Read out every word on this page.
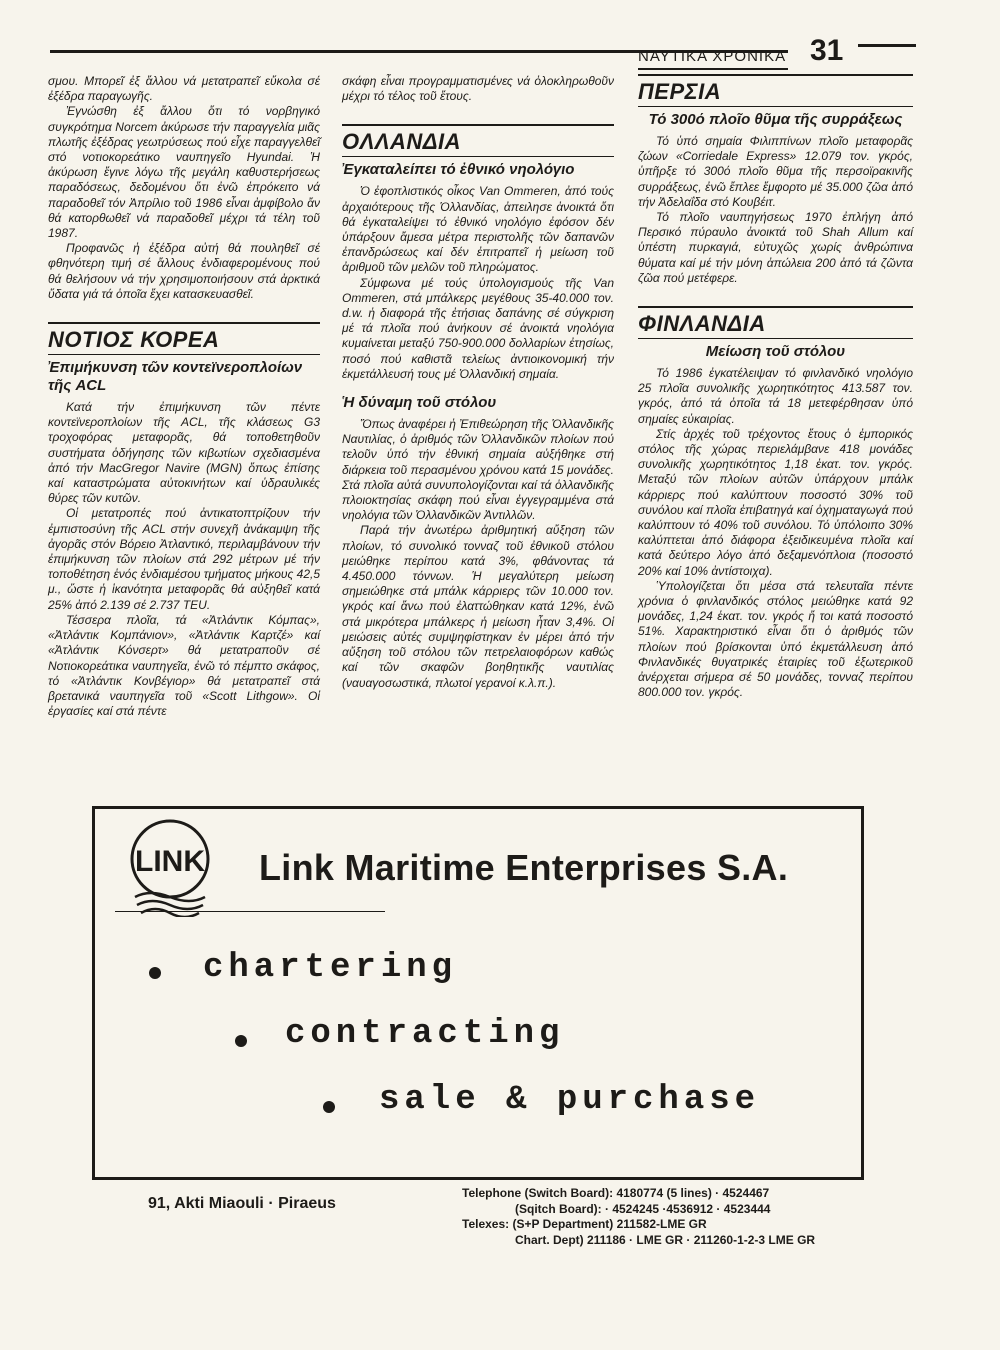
ΝΑΥΤΙΚΑ ΧΡΟΝΙΚΑ 31

σμου. Μπορεῖ ἐξ ἄλλου νά μετατραπεῖ εὔκολα σέ ἐξέδρα παραγωγῆς.

Ἐγνώσθη ἐξ ἄλλου ὅτι τό νορβηγικό συγκρότημα Norcem ἀκύρωσε τήν παραγγελία μιᾶς πλωτῆς ἐξέδρας γεωτρύσεως πού εἶχε παραγγελθεῖ στό νοτιοκορεάτικο ναυπηγεῖο Hyundai. Ἡ ἀκύρωση ἔγινε λόγω τῆς μεγάλη καθυστερήσεως παραδόσεως, δεδομένου ὅτι ἐνῶ ἐπρόκειτο νά παραδοθεῖ τόν Ἀπρίλιο τοῦ 1986 εἶναι ἀμφίβολο ἄν θά κατορθωθεῖ νά παραδοθεῖ μέχρι τά τέλη τοῦ 1987.

Προφανῶς ἡ ἐξέδρα αὐτή θά πουληθεῖ σέ φθηνότερη τιμή σέ ἄλλους ἐνδιαφερομένους πού θά θελήσουν νά τήν χρησιμοποιήσουν στά ἀρκτικά ὕδατα γιά τά ὁποῖα ἔχει κατασκευασθεῖ.

ΝΟΤΙΟΣ ΚΟΡΕΑ
Ἐπιμήκυνση τῶν κοντεϊνεροπλοίων τῆς ACL

Κατά τήν ἐπιμήκυνση τῶν πέντε κοντεϊνεροπλοίων τῆς ACL, τῆς κλάσεως G3 τροχοφόρας μεταφορᾶς, θά τοποθετηθοῦν συστήματα ὁδήγησης τῶν κιβωτίων σχεδιασμένα ἀπό τήν MacGregor Navire (MGN) ὅπως ἐπίσης καί καταστρώματα αὐτοκινήτων καί ὑδραυλικές θύρες τῶν κυτῶν.

Οἱ μετατροπές πού ἀντικατοπτρίζουν τήν ἐμπιστοσύνη τῆς ACL στήν συνεχῆ ἀνάκαμψη τῆς ἀγορᾶς στόν Βόρειο Ἀτλαντικό, περιλαμβάνουν τήν ἐπιμήκυνση τῶν πλοίων στά 292 μέτρων μέ τήν τοποθέτηση ἑνός ἐνδιαμέσου τμήματος μήκους 42,5 μ., ὥστε ἡ ἱκανότητα μεταφορᾶς θά αὐξηθεῖ κατά 25% ἀπό 2.139 σέ 2.737 TEU.

Τέσσερα πλοῖα, τά «Ἀτλάντικ Κόμπας», «Ἀτλάντικ Κομπάνιον», «Ἀτλάντικ Καρτζέ» καί «Ἀτλάντικ Κόνσερτ» θά μετατραποῦν σέ Νοτιοκορεάτικα ναυπηγεῖα, ἐνῶ τό πέμπτο σκάφος, τό «Ἀτλάντικ Κονβέγιορ» θά μετατραπεῖ στά βρετανικά ναυπηγεῖα τοῦ «Scott Lithgow». Οἱ ἐργασίες καί στά πέντε

σκάφη εἶναι προγραμματισμένες νά ὁλοκληρωθοῦν μέχρι τό τέλος τοῦ ἔτους.

ΟΛΛΑΝΔΙΑ
Ἐγκαταλείπει τό ἐθνικό νηολόγιο

Ὁ ἐφοπλιστικός οἶκος Van Ommeren, ἀπό τούς ἀρχαιότερους τῆς Ὁλλανδίας, ἀπειλησε ἀνοικτά ὅτι θά ἐγκαταλείψει τό ἐθνικό νηολόγιο ἐφόσον δέν ὑπάρξουν ἄμεσα μέτρα περιστολῆς τῶν δαπανῶν ἐπανδρώσεως καί δέν ἐπιτραπεῖ ἡ μείωση τοῦ ἀριθμοῦ τῶν μελῶν τοῦ πληρώματος.

Σύμφωνα μέ τούς ὑπολογισμούς τῆς Van Ommeren, στά μπάλκερς μεγέθους 35-40.000 τον. d.w. ἡ διαφορά τῆς ἐτήσιας δαπάνης σέ σύγκριση μέ τά πλοῖα πού ἀνήκουν σέ ἀνοικτά νηολόγια κυμαίνεται μεταξύ 750-900.000 δολλαρίων ἐτησίως, ποσό πού καθιστᾶ τελείως ἀντιοικονομική τήν ἐκμετάλλευσή τους μέ Ὁλλανδική σημαία.

Ἡ δύναμη τοῦ στόλου

Ὅπως ἀναφέρει ἡ Ἐπιθεώρηση τῆς Ὁλλανδικῆς Ναυτιλίας, ὁ ἀριθμός τῶν Ὁλλανδικῶν πλοίων πού τελοῦν ὑπό τήν ἐθνική σημαία αὐξήθηκε στή διάρκεια τοῦ περασμένου χρόνου κατά 15 μονάδες. Στά πλοῖα αὐτά συνυπολογίζονται καί τά ὁλλανδικῆς πλοιοκτησίας σκάφη πού εἶναι ἐγγεγραμμένα στά νηολόγια τῶν Ὁλλανδικῶν Ἀντιλλῶν.

Παρά τήν ἀνωτέρω ἀριθμητική αὔξηση τῶν πλοίων, τό συνολικό τονναζ τοῦ ἐθνικοῦ στόλου μειώθηκε περίπου κατά 3%, φθάνοντας τά 4.450.000 τόννων. Ἡ μεγαλύτερη μείωση σημειώθηκε στά μπάλκ κάρριερς τῶν 10.000 τον. γκρός καί ἄνω πού ἐλαττώθηκαν κατά 12%, ἐνῶ στά μικρότερα μπάλκερς ἡ μείωση ἦταν 3,4%. Οἱ μειώσεις αὐτές συμψηφίστηκαν ἐν μέρει ἀπό τήν αὔξηση τοῦ στόλου τῶν πετρελαιοφόρων καθώς καί τῶν σκαφῶν βοηθητικῆς ναυτιλίας (ναυαγοσωστικά, πλωτοί γερανοί κ.λ.π.).

ΠΕΡΣΙΑ
Τό 300ό πλοῖο θῦμα τῆς συρράξεως

Τό ὑπό σημαία Φιλιππίνων πλοῖο μεταφορᾶς ζώων «Corriedale Express» 12.079 τον. γκρός, ὑπῆρξε τό 300ό πλοῖο θῦμα τῆς περσοϊρακινῆς συρράξεως, ἐνῶ ἔπλεε ἔμφορτο μέ 35.000 ζῶα ἀπό τήν Ἀδελαΐδα στό Κουβέιτ.

Τό πλοῖο ναυπηγήσεως 1970 ἐπλήγη ἀπό Περσικό πύραυλο ἀνοικτά τοῦ Shah Allum καί ὑπέστη πυρκαγιά, εὐτυχῶς χωρίς ἀνθρώπινα θύματα καί μέ τήν μόνη ἀπώλεια 200 ἀπό τά ζῶντα ζῶα πού μετέφερε.

ΦΙΝΛΑΝΔΙΑ
Μείωση τοῦ στόλου

Τό 1986 ἐγκατέλειψαν τό φινλανδικό νηολόγιο 25 πλοῖα συνολικῆς χωρητικότητος 413.587 τον. γκρός, ἀπό τά ὁποῖα τά 18 μετεφέρθησαν ὑπό σημαίες εὐκαιρίας.

Στίς ἀρχές τοῦ τρέχοντος ἔτους ὁ ἐμπορικός στόλος τῆς χώρας περιελάμβανε 418 μονάδες συνολικῆς χωρητικότητος 1,18 ἑκατ. τον. γκρός. Μεταξύ τῶν πλοίων αὐτῶν ὑπάρχουν μπάλκ κάρριερς πού καλύπτουν ποσοστό 30% τοῦ συνόλου καί πλοῖα ἐπιβατηγά καί ὀχηματαγωγά πού καλύπτουν τό 40% τοῦ συνόλου. Τό ὑπόλοιπο 30% καλύπτεται ἀπό διάφορα ἐξειδικευμένα πλοῖα καί κατά δεύτερο λόγο ἀπό δεξαμενόπλοια (ποσοστό 20% καί 10% ἀντίστοιχα).

Ὑπολογίζεται ὅτι μέσα στά τελευταῖα πέντε χρόνια ὁ φινλανδικός στόλος μειώθηκε κατά 92 μονάδες, 1,24 ἑκατ. τον. γκρός ἤ τοι κατά ποσοστό 51%. Χαρακτηριστικό εἶναι ὅτι ὁ ἀριθμός τῶν πλοίων πού βρίσκονται ὑπό ἐκμετάλλευση ἀπό Φινλανδικές θυγατρικές ἑταιρίες τοῦ ἐξωτερικοῦ ἀνέρχεται σήμερα σέ 50 μονάδες, τονναζ περίπου 800.000 τον. γκρός.

LINK Link Maritime Enterprises S.A.
chartering
contracting
sale & purchase
91, Akti Miaouli · Piraeus
Telephone (Switch Board): 4180774 (5 lines) · 4524467
(Sqitch Board): · 4524245 ·4536912 · 4523444
Telexes: (S+P Department) 211582-LME GR
Chart. Dept) 211186 · LME GR · 211260-1-2-3 LME GR
